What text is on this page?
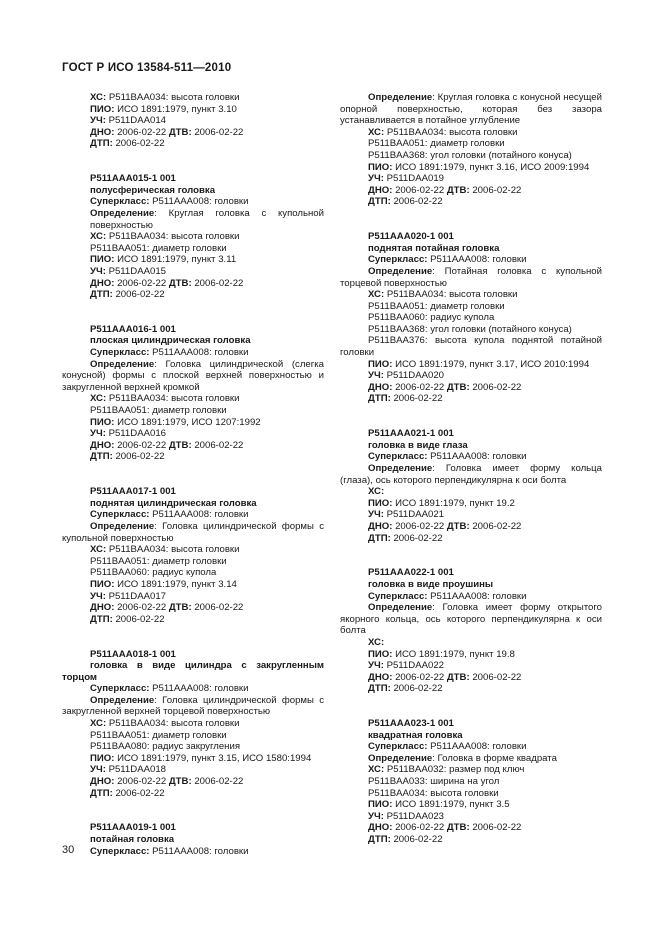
ГОСТ Р ИСО 13584-511—2010

ХС: P511BAA034: высота головки

ПИО: ИСО 1891:1979, пункт 3.10

УЧ: P511DAA014

ДНО: 2006-02-22 ДТВ: 2006-02-22

ДТП: 2006-02-22

P511AAA015-1 001

полусферическая головка

Суперкласс: P511AAA008: головки

Определение: Круглая головка с купольной поверхностью

ХС: P511BAA034: высота головки

P511BAA051: диаметр головки

ПИО: ИСО 1891:1979, пункт 3.11

УЧ: P511DAA015

ДНО: 2006-02-22 ДТВ: 2006-02-22

ДТП: 2006-02-22

P511AAA016-1 001

плоская цилиндрическая головка

Суперкласс: P511AAA008: головки

Определение: Головка цилиндрической (слегка конусной) формы с плоской верхней поверхностью и закругленной верхней кромкой

ХС: P511BAA034: высота головки

P511BAA051: диаметр головки

ПИО: ИСО 1891:1979, ИСО 1207:1992

УЧ: P511DAA016

ДНО: 2006-02-22 ДТВ: 2006-02-22

ДТП: 2006-02-22

P511AAA017-1 001

поднятая цилиндрическая головка

Суперкласс: P511AAA008: головки

Определение: Головка цилиндрической формы с купольной поверхностью

ХС: P511BAA034: высота головки

P511BAA051: диаметр головки

P511BAA060: радиус купола

ПИО: ИСО 1891:1979, пункт 3.14

УЧ: P511DAA017

ДНО: 2006-02-22 ДТВ: 2006-02-22

ДТП: 2006-02-22

P511AAA018-1 001

головка в виде цилиндра с закругленным торцом

Суперкласс: P511AAA008: головки

Определение: Головка цилиндрической формы с закругленной верхней торцевой поверхностью

ХС: P511BAA034: высота головки

P511BAA051: диаметр головки

P511BAA080: радиус закругления

ПИО: ИСО 1891:1979, пункт 3.15, ИСО 1580:1994

УЧ: P511DAA018

ДНО: 2006-02-22 ДТВ: 2006-02-22

ДТП: 2006-02-22

P511AAA019-1 001

потайная головка

Суперкласс: P511AAA008: головки

Определение: Круглая головка с конусной несущей опорной поверхностью, которая без зазора устанавливается в потайное углубление

ХС: P511BAA034: высота головки

P511BAA051: диаметр головки

P511BAA368: угол головки (потайного конуса)

ПИО: ИСО 1891:1979, пункт 3.16, ИСО 2009:1994

УЧ: P511DAA019

ДНО: 2006-02-22 ДТВ: 2006-02-22

ДТП: 2006-02-22

P511AAA020-1 001

поднятая потайная головка

Суперкласс: P511AAA008: головки

Определение: Потайная головка с купольной торцевой поверхностью

ХС: P511BAA034: высота головки

P511BAA051: диаметр головки

P511BAA060: радиус купола

P511BAA368: угол головки (потайного конуса)

P511BAA376: высота купола поднятой потайной головки

ПИО: ИСО 1891:1979, пункт 3.17, ИСО 2010:1994

УЧ: P511DAA020

ДНО: 2006-02-22 ДТВ: 2006-02-22

ДТП: 2006-02-22

P511AAA021-1 001

головка в виде глаза

Суперкласс: P511AAA008: головки

Определение: Головка имеет форму кольца (глаза), ось которого перпендикулярна к оси болта

ХС:

ПИО: ИСО 1891:1979, пункт 19.2

УЧ: P511DAA021

ДНО: 2006-02-22 ДТВ: 2006-02-22

ДТП: 2006-02-22

P511AAA022-1 001

головка в виде проушины

Суперкласс: P511AAA008: головки

Определение: Головка имеет форму открытого якорного кольца, ось которого перпендикулярна к оси болта

ХС:

ПИО: ИСО 1891:1979, пункт 19.8

УЧ: P511DAA022

ДНО: 2006-02-22 ДТВ: 2006-02-22

ДТП: 2006-02-22

P511AAA023-1 001

квадратная головка

Суперкласс: P511AAA008: головки

Определение: Головка в форме квадрата

ХС: P511BAA032: размер под ключ

P511BAA033: ширина на угол

P511BAA034: высота головки

ПИО: ИСО 1891:1979, пункт 3.5

УЧ: P511DAA023

ДНО: 2006-02-22 ДТВ: 2006-02-22

ДТП: 2006-02-22

30
